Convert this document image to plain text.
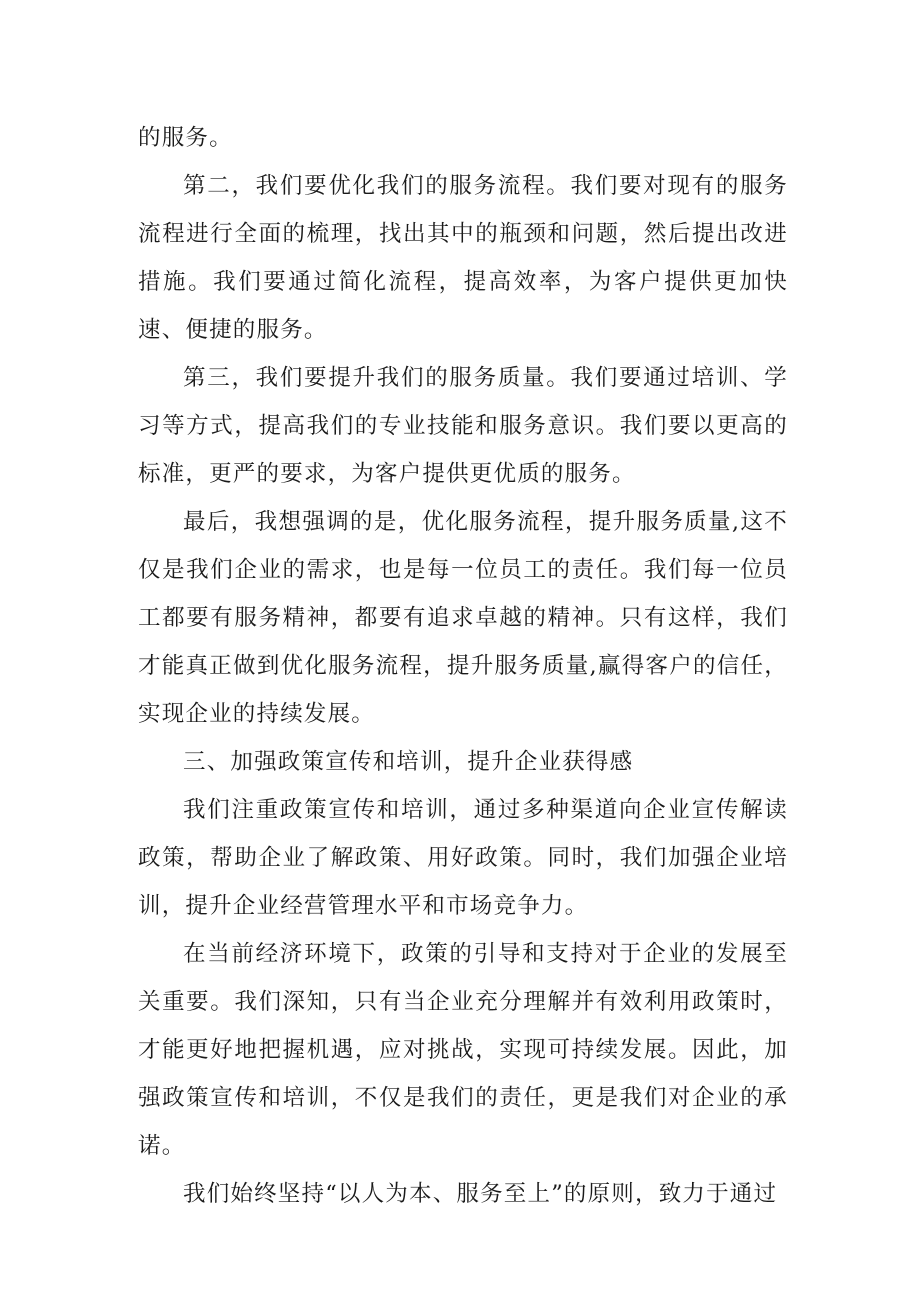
的服务。

第二，我们要优化我们的服务流程。我们要对现有的服务流程进行全面的梳理，找出其中的瓶颈和问题，然后提出改进措施。我们要通过简化流程，提高效率，为客户提供更加快速、便捷的服务。

第三，我们要提升我们的服务质量。我们要通过培训、学习等方式，提高我们的专业技能和服务意识。我们要以更高的标准，更严的要求，为客户提供更优质的服务。

最后，我想强调的是，优化服务流程，提升服务质量,这不仅是我们企业的需求，也是每一位员工的责任。我们每一位员工都要有服务精神，都要有追求卓越的精神。只有这样，我们才能真正做到优化服务流程，提升服务质量,赢得客户的信任，实现企业的持续发展。

三、加强政策宣传和培训，提升企业获得感

我们注重政策宣传和培训，通过多种渠道向企业宣传解读政策，帮助企业了解政策、用好政策。同时，我们加强企业培训，提升企业经营管理水平和市场竞争力。

在当前经济环境下，政策的引导和支持对于企业的发展至关重要。我们深知，只有当企业充分理解并有效利用政策时，才能更好地把握机遇，应对挑战，实现可持续发展。因此，加强政策宣传和培训，不仅是我们的责任，更是我们对企业的承诺。

我们始终坚持“以人为本、服务至上”的原则，致力于通过
